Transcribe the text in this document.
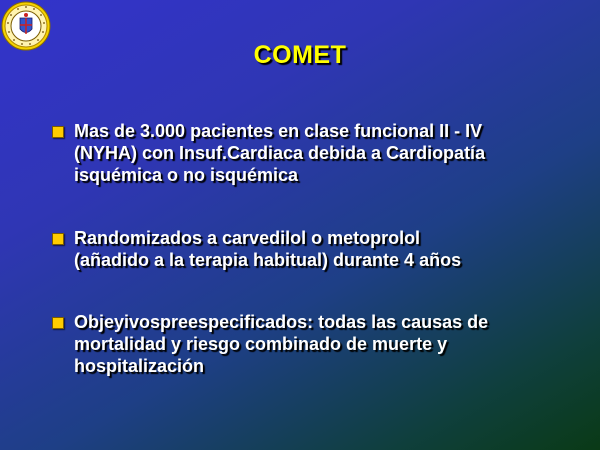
COMET
Mas de 3.000 pacientes en clase funcional II - IV
(NYHA) con Insuf.Cardiaca debida a Cardiopatía
isquémica o no isquémica
Randomizados a carvedilol o metoprolol
(añadido a la terapia habitual) durante 4 años
Objeyivospreespecificados: todas las causas de
mortalidad y riesgo combinado de muerte y
hospitalización
